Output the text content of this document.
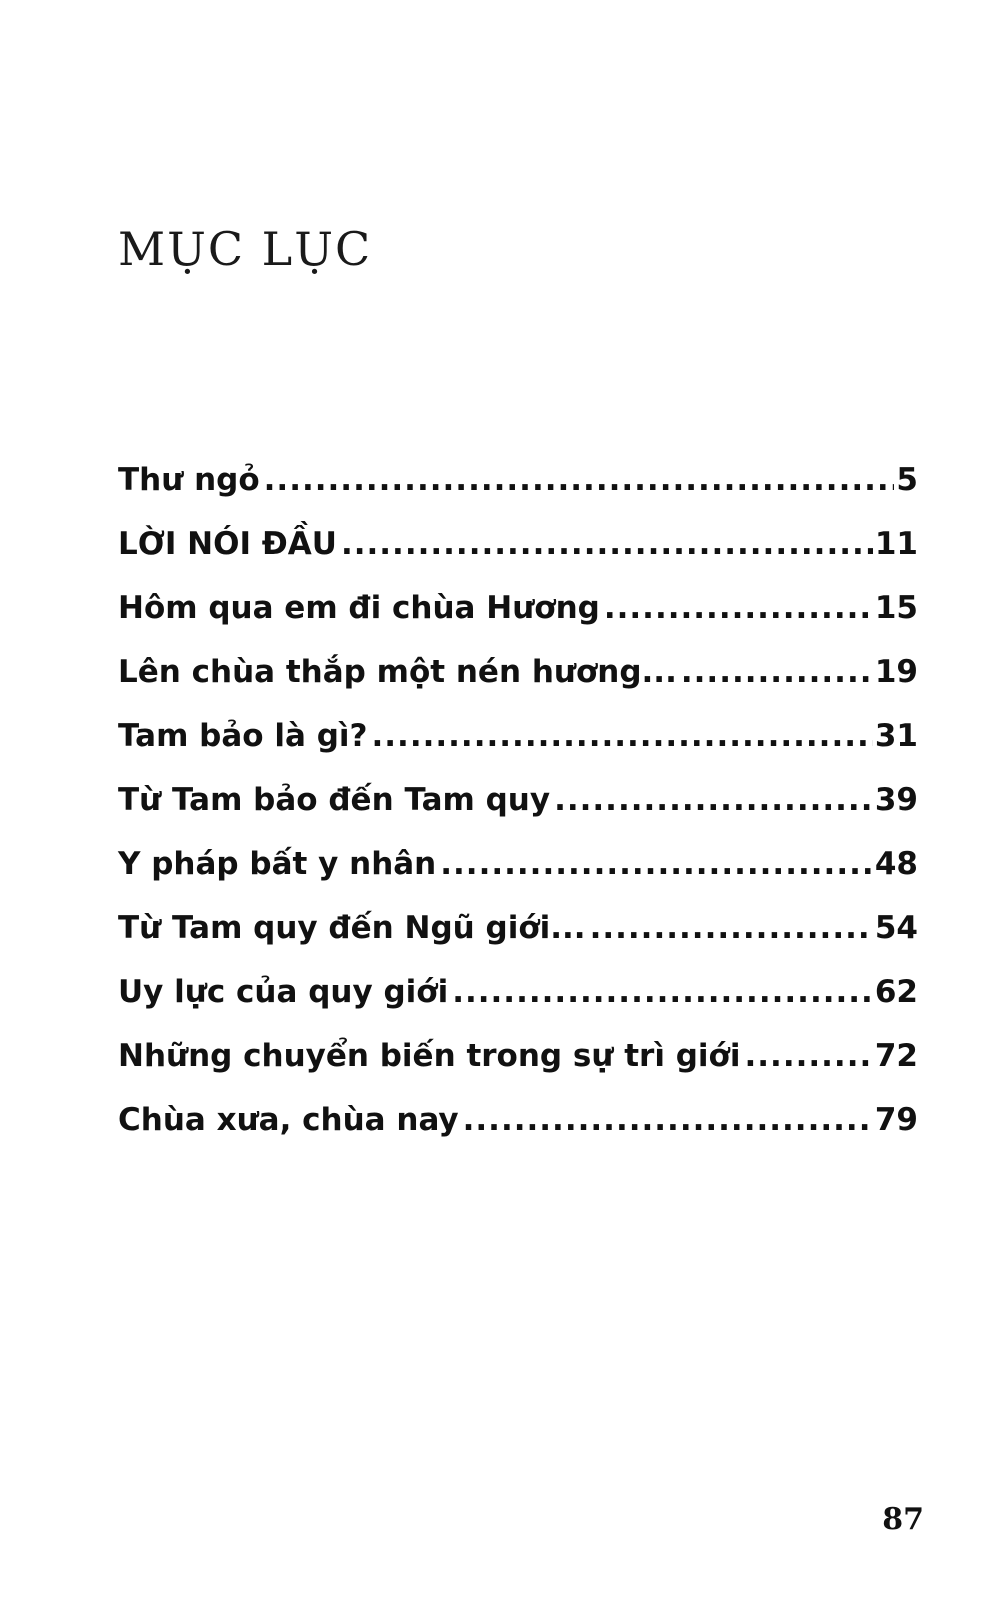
MỤC LỤC
Thư ngỏ .....	5
LỜI NÓI ĐẦU .....	11
Hôm qua em đi chùa Hương .....	15
Lên chùa thắp một nén hương... .....	19
Tam bảo là gì? .....	31
Từ Tam bảo đến Tam quy .....	39
Y pháp bất y nhân .....	48
Từ Tam quy đến Ngũ giới... .....	54
Uy lực của quy giới .....	62
Những chuyển biến trong sự trì giới .....	72
Chùa xưa, chùa nay .....	79
87
